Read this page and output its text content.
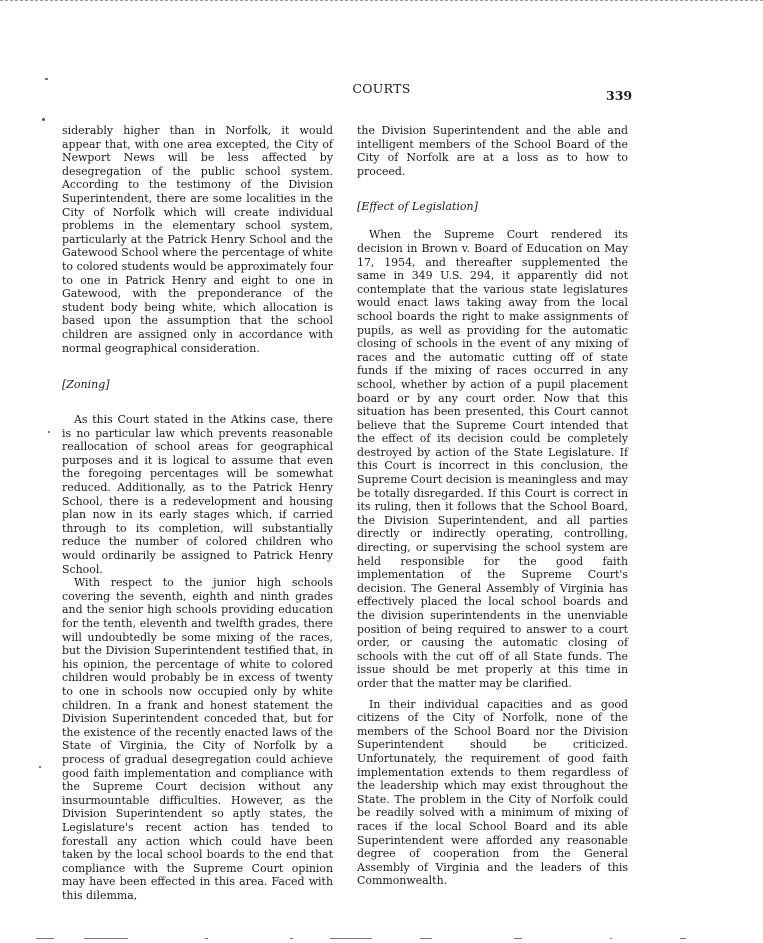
COURTS	339

siderably higher than in Norfolk, it would appear that, with one area excepted, the City of Newport News will be less affected by desegregation of the public school system. According to the testimony of the Division Superintendent, there are some localities in the City of Norfolk which will create individual problems in the elementary school system, particularly at the Patrick Henry School and the Gatewood School where the percentage of white to colored students would be approximately four to one in Patrick Henry and eight to one in Gatewood, with the preponderance of the student body being white, which allocation is based upon the assumption that the school children are assigned only in accordance with normal geographical consideration.

[Zoning]

As this Court stated in the Atkins case, there is no particular law which prevents reasonable reallocation of school areas for geographical purposes and it is logical to assume that even the foregoing percentages will be somewhat reduced. Additionally, as to the Patrick Henry School, there is a redevelopment and housing plan now in its early stages which, if carried through to its completion, will substantially reduce the number of colored children who would ordinarily be assigned to Patrick Henry School.

With respect to the junior high schools covering the seventh, eighth and ninth grades and the senior high schools providing education for the tenth, eleventh and twelfth grades, there will undoubtedly be some mixing of the races, but the Division Superintendent testified that, in his opinion, the percentage of white to colored children would probably be in excess of twenty to one in schools now occupied only by white children. In a frank and honest statement the Division Superintendent conceded that, but for the existence of the recently enacted laws of the State of Virginia, the City of Norfolk by a process of gradual desegregation could achieve good faith implementation and compliance with the Supreme Court decision without any insurmountable difficulties. However, as the Division Superintendent so aptly states, the Legislature's recent action has tended to forestall any action which could have been taken by the local school boards to the end that compliance with the Supreme Court opinion may have been effected in this area. Faced with this dilemma,

the Division Superintendent and the able and intelligent members of the School Board of the City of Norfolk are at a loss as to how to proceed.

[Effect of Legislation]

When the Supreme Court rendered its decision in Brown v. Board of Education on May 17, 1954, and thereafter supplemented the same in 349 U.S. 294, it apparently did not contemplate that the various state legislatures would enact laws taking away from the local school boards the right to make assignments of pupils, as well as providing for the automatic closing of schools in the event of any mixing of races and the automatic cutting off of state funds if the mixing of races occurred in any school, whether by action of a pupil placement board or by any court order. Now that this situation has been presented, this Court cannot believe that the Supreme Court intended that the effect of its decision could be completely destroyed by action of the State Legislature. If this Court is incorrect in this conclusion, the Supreme Court decision is meaningless and may be totally disregarded. If this Court is correct in its ruling, then it follows that the School Board, the Division Superintendent, and all parties directly or indirectly operating, controlling, directing, or supervising the school system are held responsible for the good faith implementation of the Supreme Court's decision. The General Assembly of Virginia has effectively placed the local school boards and the division superintendents in the unenviable position of being required to answer to a court order, or causing the automatic closing of schools with the cut off of all State funds. The issue should be met properly at this time in order that the matter may be clarified.

In their individual capacities and as good citizens of the City of Norfolk, none of the members of the School Board nor the Division Superintendent should be criticized. Unfortunately, the requirement of good faith implementation extends to them regardless of the leadership which may exist throughout the State. The problem in the City of Norfolk could be readily solved with a minimum of mixing of races if the local School Board and its able Superintendent were afforded any reasonable degree of cooperation from the General Assembly of Virginia and the leaders of this Commonwealth.
